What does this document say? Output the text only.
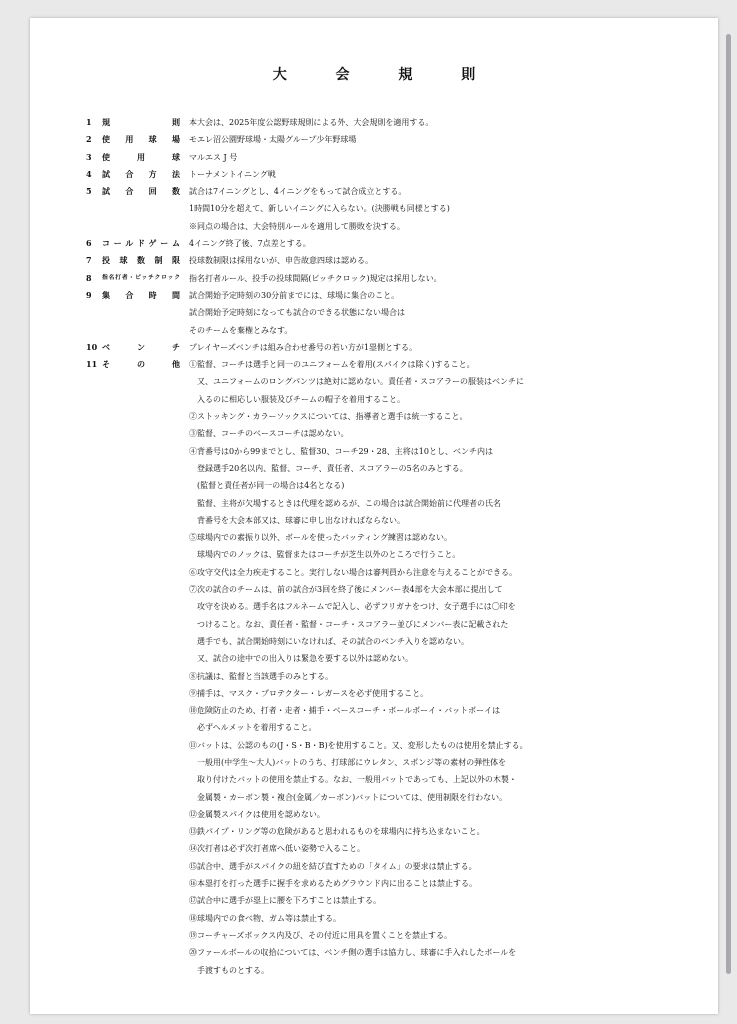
大 会 規 則
1	規 則 本大会は、2025年度公認野球規則による外、大会規則を適用する。
2	使 用 球 場 モエレ沼公園野球場・太陽グループ少年野球場
3	使 用 球 マルエス J 号
4	試 合 方 法 トーナメントイニング戦
5	試 合 回 数 試合は7イニングとし、4イニングをもって試合成立とする。
1時間10分を超えて、新しいイニングに入らない。(決勝戦も同様とする)
※同点の場合は、大会特別ルールを適用して勝敗を決する。
6	コールドゲーム 4イニング終了後、7点差とする。
7	投 球 数 制 限 投球数制限は採用ないが、申告故意四球は認める。
8	指名打者・ピッチクロック 指名打者ルール、投手の投球間隔(ピッチクロック)規定は採用しない。
9	集 合 時 間 試合開始予定時刻の30分前までには、球場に集合のこと。
試合開始予定時刻になっても試合のできる状態にない場合は
そのチームを棄権とみなす。
10 ベ ン チ プレイヤーズベンチは組み合わせ番号の若い方が1塁側とする。
11 そ の 他 ①監督、コーチは選手と同一のユニフォームを着用(スパイクは除く)すること。
又、ユニフォームのロングパンツは絶対に認めない。責任者・スコアラーの服装はベンチに
入るのに相応しい服装及びチームの帽子を着用すること。
②ストッキング・カラーソックスについては、指導者と選手は統一すること。
③監督、コーチのベースコーチは認めない。
④背番号は0から99までとし、監督30、コーチ29・28、主将は10とし、ベンチ内は
登録選手20名以内、監督、コーチ、責任者、スコアラーの5名のみとする。
(監督と責任者が同一の場合は4名となる)
監督、主将が欠場するときは代理を認めるが、この場合は試合開始前に代理者の氏名
背番号を大会本部又は、球審に申し出なければならない。
⑤球場内での素振り以外、ボールを使ったバッティング練習は認めない。
球場内でのノックは、監督またはコーチが芝生以外のところで行うこと。
⑥攻守交代は全力疾走すること。実行しない場合は審判員から注意を与えることができる。
⑦次の試合のチームは、前の試合が3回を終了後にメンバー表4部を大会本部に提出して
攻守を決める。選手名はフルネームで記入し、必ずフリガナをつけ、女子選手には〇印を
つけること。なお、責任者・監督・コーチ・スコアラー並びにメンバー表に記載された
選手でも、試合開始時刻にいなければ、その試合のベンチ入りを認めない。
又、試合の途中での出入りは緊急を要する以外は認めない。
⑧抗議は、監督と当該選手のみとする。
⑨捕手は、マスク・プロテクター・レガースを必ず使用すること。
⑩危険防止のため、打者・走者・捕手・ベースコーチ・ボールボーイ・バットボーイは
必ずヘルメットを着用すること。
⑪バットは、公認のもの(J・S・B・B)を使用すること。又、変形したものは使用を禁止する。
一般用(中学生～大人)バットのうち、打球部にウレタン、スポンジ等の素材の弾性体を
取り付けたバットの使用を禁止する。なお、一般用バットであっても、上記以外の木製・
金属製・カーボン製・複合(金属／カーボン)バットについては、使用制限を行わない。
⑫金属製スパイクは使用を認めない。
⑬鉄パイプ・リング等の危険があると思われるものを球場内に持ち込まないこと。
⑭次打者は必ず次打者席へ低い姿勢で入ること。
⑮試合中、選手がスパイクの紐を結び直すための「タイム」の要求は禁止する。
⑯本塁打を打った選手に握手を求めるためグラウンド内に出ることは禁止する。
⑰試合中に選手が塁上に腰を下ろすことは禁止する。
⑱球場内での食べ物、ガム等は禁止する。
⑲コーチャーズボックス内及び、その付近に用具を置くことを禁止する。
⑳ファールボールの収拾については、ベンチ側の選手は協力し、球審に手入れしたボールを
手渡すものとする。
